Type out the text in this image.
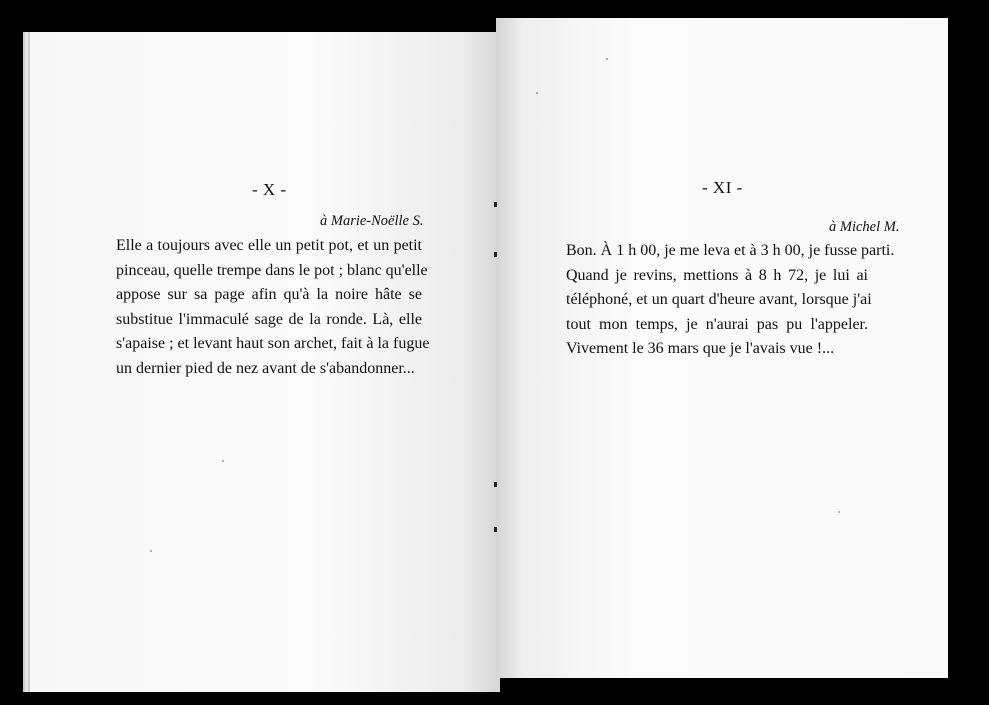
- X -
à Marie-Noëlle S.
Elle a toujours avec elle un petit pot, et un petit
pinceau, quelle trempe dans le pot ; blanc qu'elle
appose sur sa page afin qu'à la noire hâte se
substitue l'immaculé sage de la ronde. Là, elle
s'apaise ; et levant haut son archet, fait à la fugue
un dernier pied de nez avant de s'abandonner...
- XI -
à Michel M.
Bon. À 1 h 00, je me leva et à 3 h 00, je fusse parti.
Quand je revins, mettions à 8 h 72, je lui ai
téléphoné, et un quart d'heure avant, lorsque j'ai
tout mon temps, je n'aurai pas pu l'appeler.
Vivement le 36 mars que je l'avais vue !...
